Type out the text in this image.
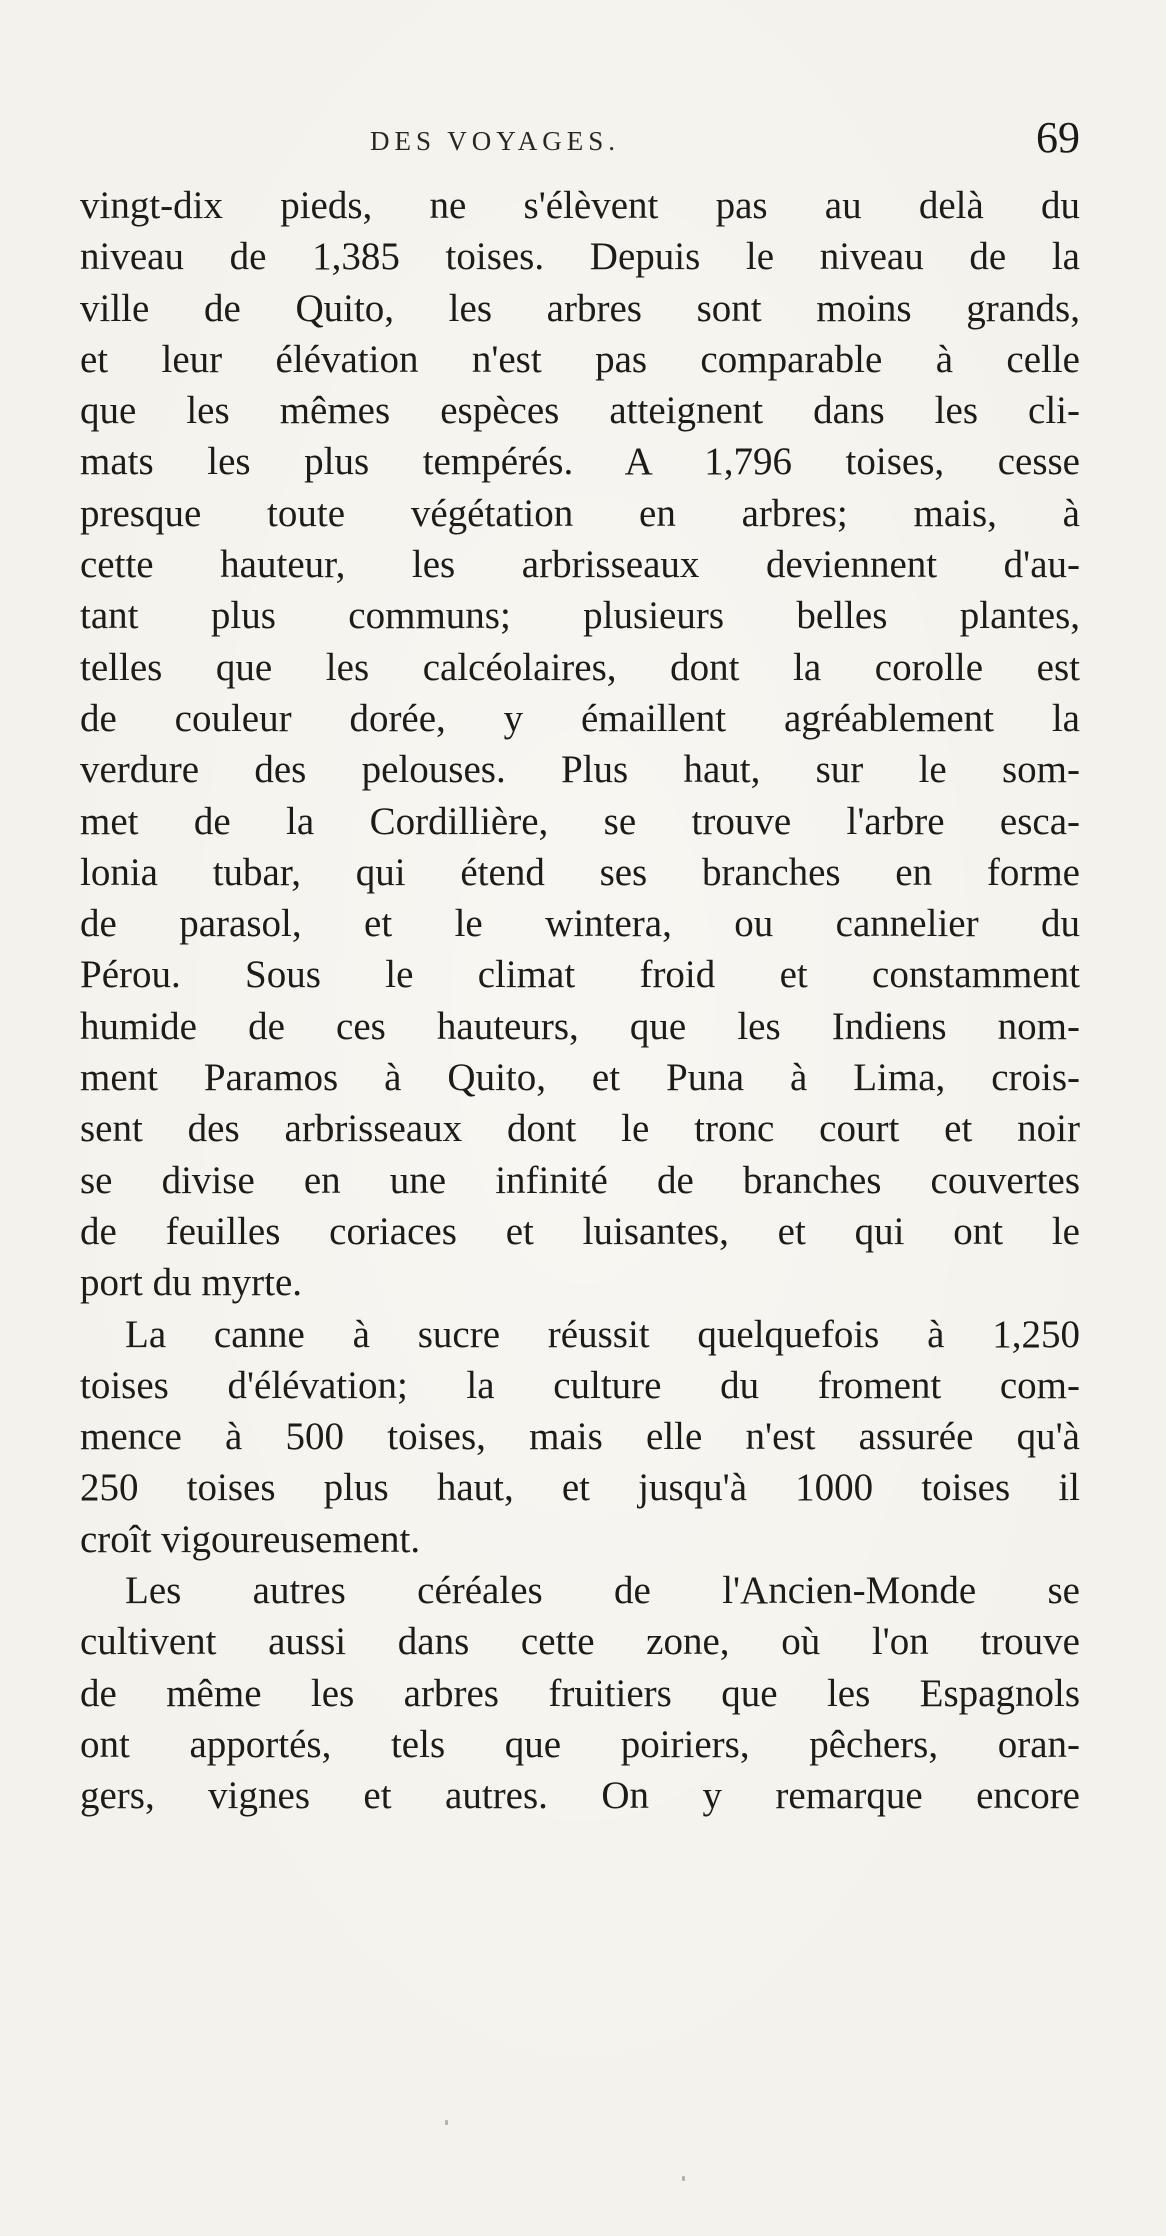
DES VOYAGES.	69
vingt-dix pieds, ne s'élèvent pas au delà du
niveau de 1,385 toises. Depuis le niveau de la
ville de Quito, les arbres sont moins grands,
et leur élévation n'est pas comparable à celle
que les mêmes espèces atteignent dans les cli-
mats les plus tempérés. A 1,796 toises, cesse
presque toute végétation en arbres; mais, à
cette hauteur, les arbrisseaux deviennent d'au-
tant plus communs; plusieurs belles plantes,
telles que les calcéolaires, dont la corolle est
de couleur dorée, y émaillent agréablement la
verdure des pelouses. Plus haut, sur le som-
met de la Cordillière, se trouve l'arbre esca-
lonia tubar, qui étend ses branches en forme
de parasol, et le wintera, ou cannelier du
Pérou. Sous le climat froid et constamment
humide de ces hauteurs, que les Indiens nom-
ment Paramos à Quito, et Puna à Lima, crois-
sent des arbrisseaux dont le tronc court et noir
se divise en une infinité de branches couvertes
de feuilles coriaces et luisantes, et qui ont le
port du myrte.
La canne à sucre réussit quelquefois à 1,250
toises d'élévation; la culture du froment com-
mence à 500 toises, mais elle n'est assurée qu'à
250 toises plus haut, et jusqu'à 1000 toises il
croît vigoureusement.
Les autres céréales de l'Ancien-Monde se
cultivent aussi dans cette zone, où l'on trouve
de même les arbres fruitiers que les Espagnols
ont apportés, tels que poiriers, pêchers, oran-
gers, vignes et autres. On y remarque encore
